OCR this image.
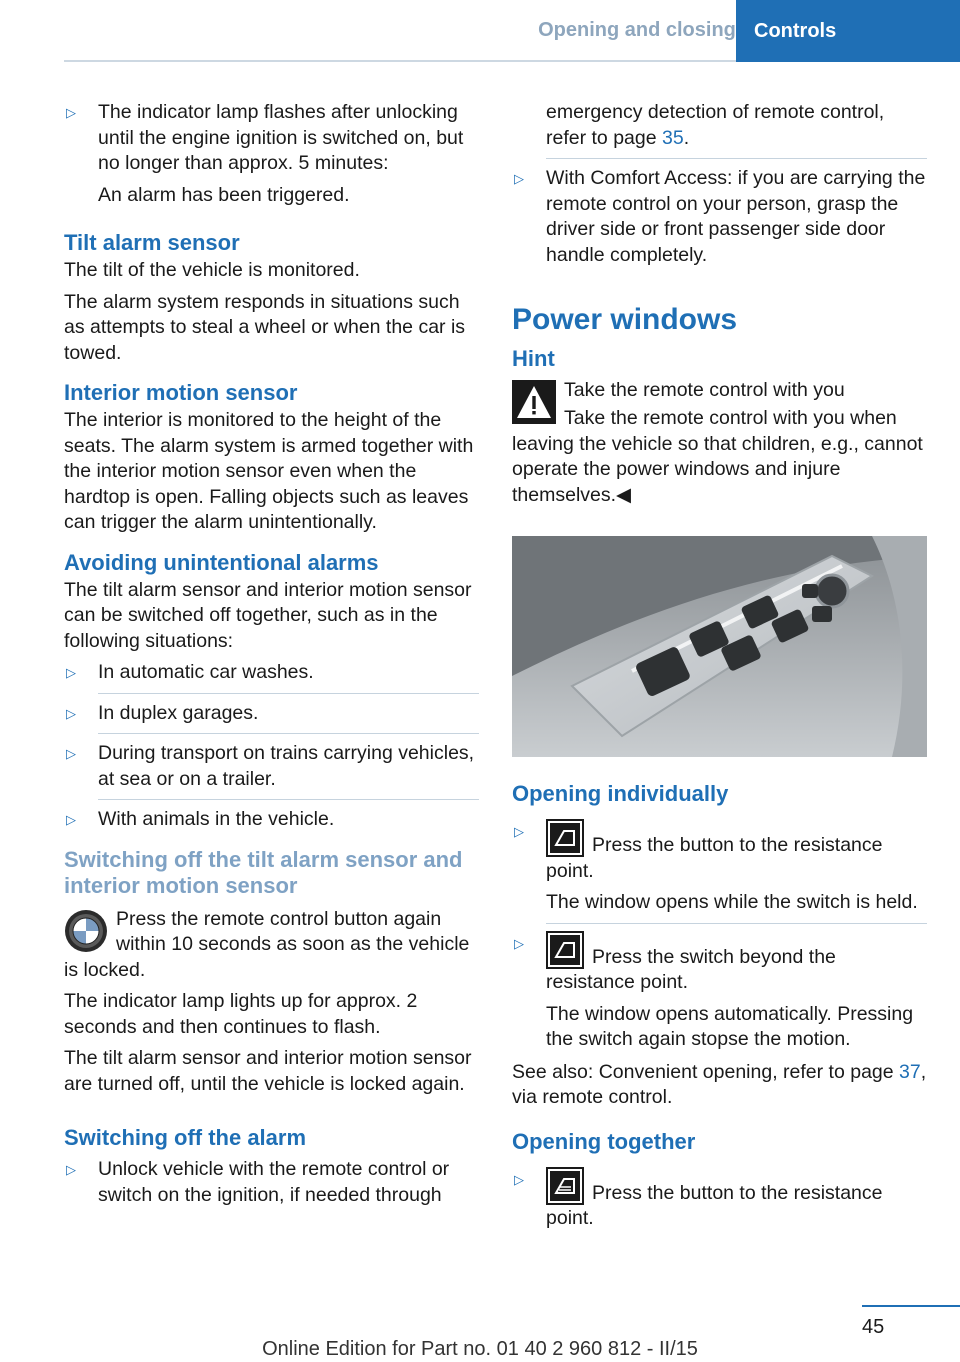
Opening and closing Controls
▷	The indicator lamp flashes after unlocking until the engine ignition is switched on, but no longer than approx. 5 minutes:

An alarm has been triggered.

Tilt alarm sensor

The tilt of the vehicle is monitored.

The alarm system responds in situations such as attempts to steal a wheel or when the car is towed.

Interior motion sensor

The interior is monitored to the height of the seats. The alarm system is armed together with the interior motion sensor even when the hardtop is open. Falling objects such as leaves can trigger the alarm unintentionally.

Avoiding unintentional alarms

The tilt alarm sensor and interior motion sensor can be switched off together, such as in the following situations:

▷	In automatic car washes.
▷	In duplex garages.
▷	During transport on trains carrying vehicles, at sea or on a trailer.
▷	With animals in the vehicle.
Switching off the tilt alarm sensor and interior motion sensor

Press the remote control button again within 10 seconds as soon as the vehicle is locked.

The indicator lamp lights up for approx. 2 seconds and then continues to flash.

The tilt alarm sensor and interior motion sensor are turned off, until the vehicle is locked again.

Switching off the alarm
▷	Unlock vehicle with the remote control or switch on the ignition, if needed through
emergency detection of remote control, refer to page 35.
▷	With Comfort Access: if you are carrying the remote control on your person, grasp the driver side or front passenger side door handle completely.
Power windows
Hint

Take the remote control with you

Take the remote control with you when leaving the vehicle so that children, e.g., cannot operate the power windows and injure themselves.◀

Opening individually
▷

Press the button to the resistance point.

The window opens while the switch is held.

▷

Press the switch beyond the resistance point.

The window opens automatically. Pressing the switch again stopse the motion.

See also: Convenient opening, refer to page 37, via remote control.

Opening together
▷

Press the button to the resistance point.

45
Online Edition for Part no. 01 40 2 960 812 - II/15
